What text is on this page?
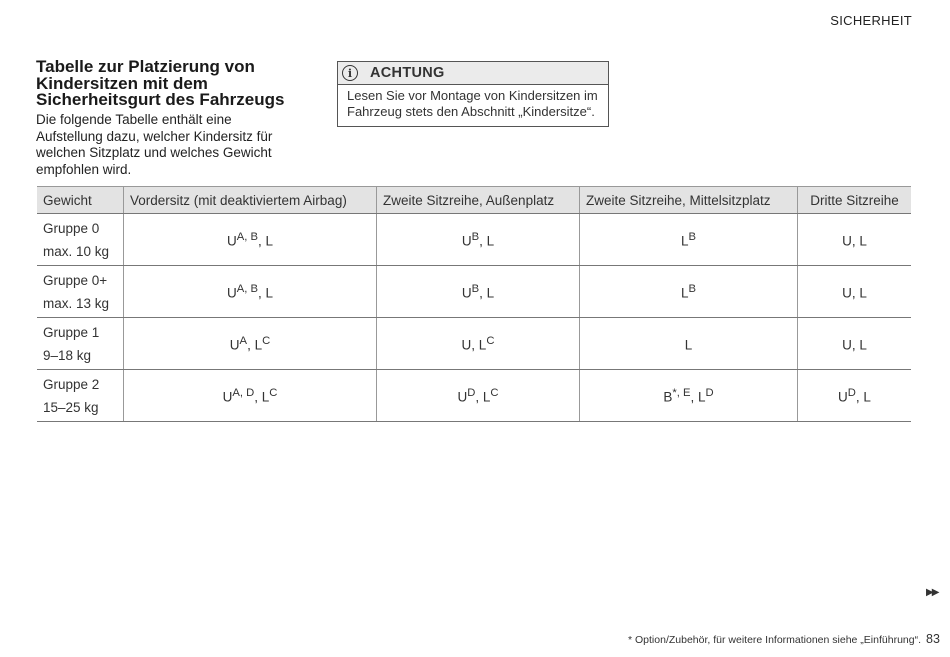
SICHERHEIT
Tabelle zur Platzierung von Kindersitzen mit dem Sicherheitsgurt des Fahrzeugs

Die folgende Tabelle enthält eine Aufstellung dazu, welcher Kindersitz für welchen Sitzplatz und welches Gewicht empfohlen wird.

i	ACHTUNG
Lesen Sie vor Montage von Kindersitzen im Fahrzeug stets den Abschnitt „Kindersitze“.
Gewicht	Vordersitz (mit deaktiviertem Airbag)	Zweite Sitzreihe, Außenplatz	Zweite Sitzreihe, Mittelsitzplatz	Dritte Sitzreihe

Gruppe 0
max. 10 kg	$U^{A, B}$, L	$U^B$, L	$L^B$	U, L

Gruppe 0+
max. 13 kg	$U^{A, B}$, L	$U^B$, L	$L^B$	U, L

Gruppe 1
9–18 kg	$U^A$, $L^C$	U, $L^C$	L	U, L

Gruppe 2
15–25 kg	$U^{A, D}$, $L^C$	$U^D$, $L^C$	$B^{*, E}$, $L^D$	$U^D$, L
▶▶
* Option/Zubehör, für weitere Informationen siehe „Einführung“. 83
